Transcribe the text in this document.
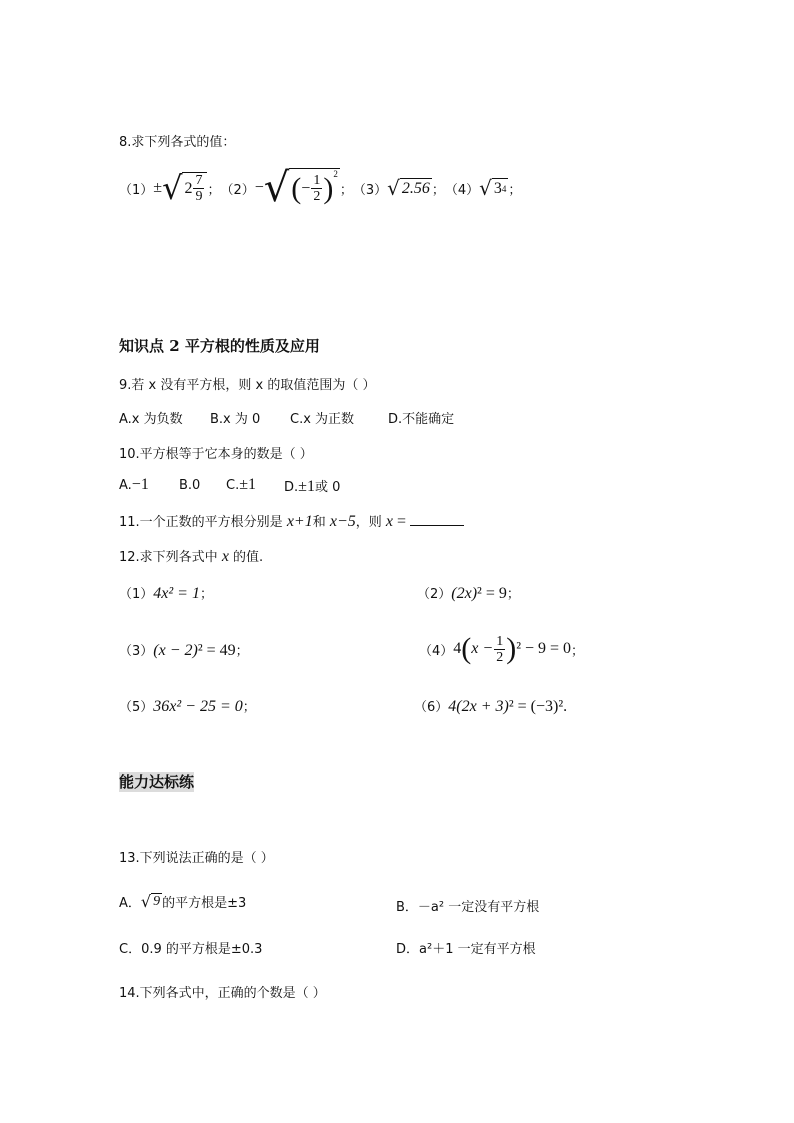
8.求下列各式的值：
（1） ± √ $2 \frac{7}{9}$ ； （2） − √ ( − $\frac{1}{2}$ ) 2
； （3） √ 2.56 ； （4） √ 3 4 ；
知识点 2 平方根的性质及应用
9.若 x 没有平方根，则 x 的取值范围为（ ）
A.x 为负数 B.x 为 0 C.x 为正数	D.不能确定
10.平方根等于它本身的数是（ ）
A.−1 B.0 C.±1 D.±1或 0
11.一个正数的平方根分别是 x+1和 x−5，则 x =
12.求下列各式中 x 的值.
（1）4x² = 1；	（2）(2x)² = 9；
（3）(x − 2)² = 49；	（4） 4 ( $x - \frac{1}{2}$ ) ² − 9 = 0 ；
（5）36x² − 25 = 0；	（6）4(2x + 3)² = (−3)².
能力达标练
13.下列说法正确的是（ ）
A． √ 9 的平方根是±3	B．－a² 一定没有平方根
C．0.9 的平方根是±0.3	D．a²＋1 一定有平方根
14.下列各式中，正确的个数是（ ）
